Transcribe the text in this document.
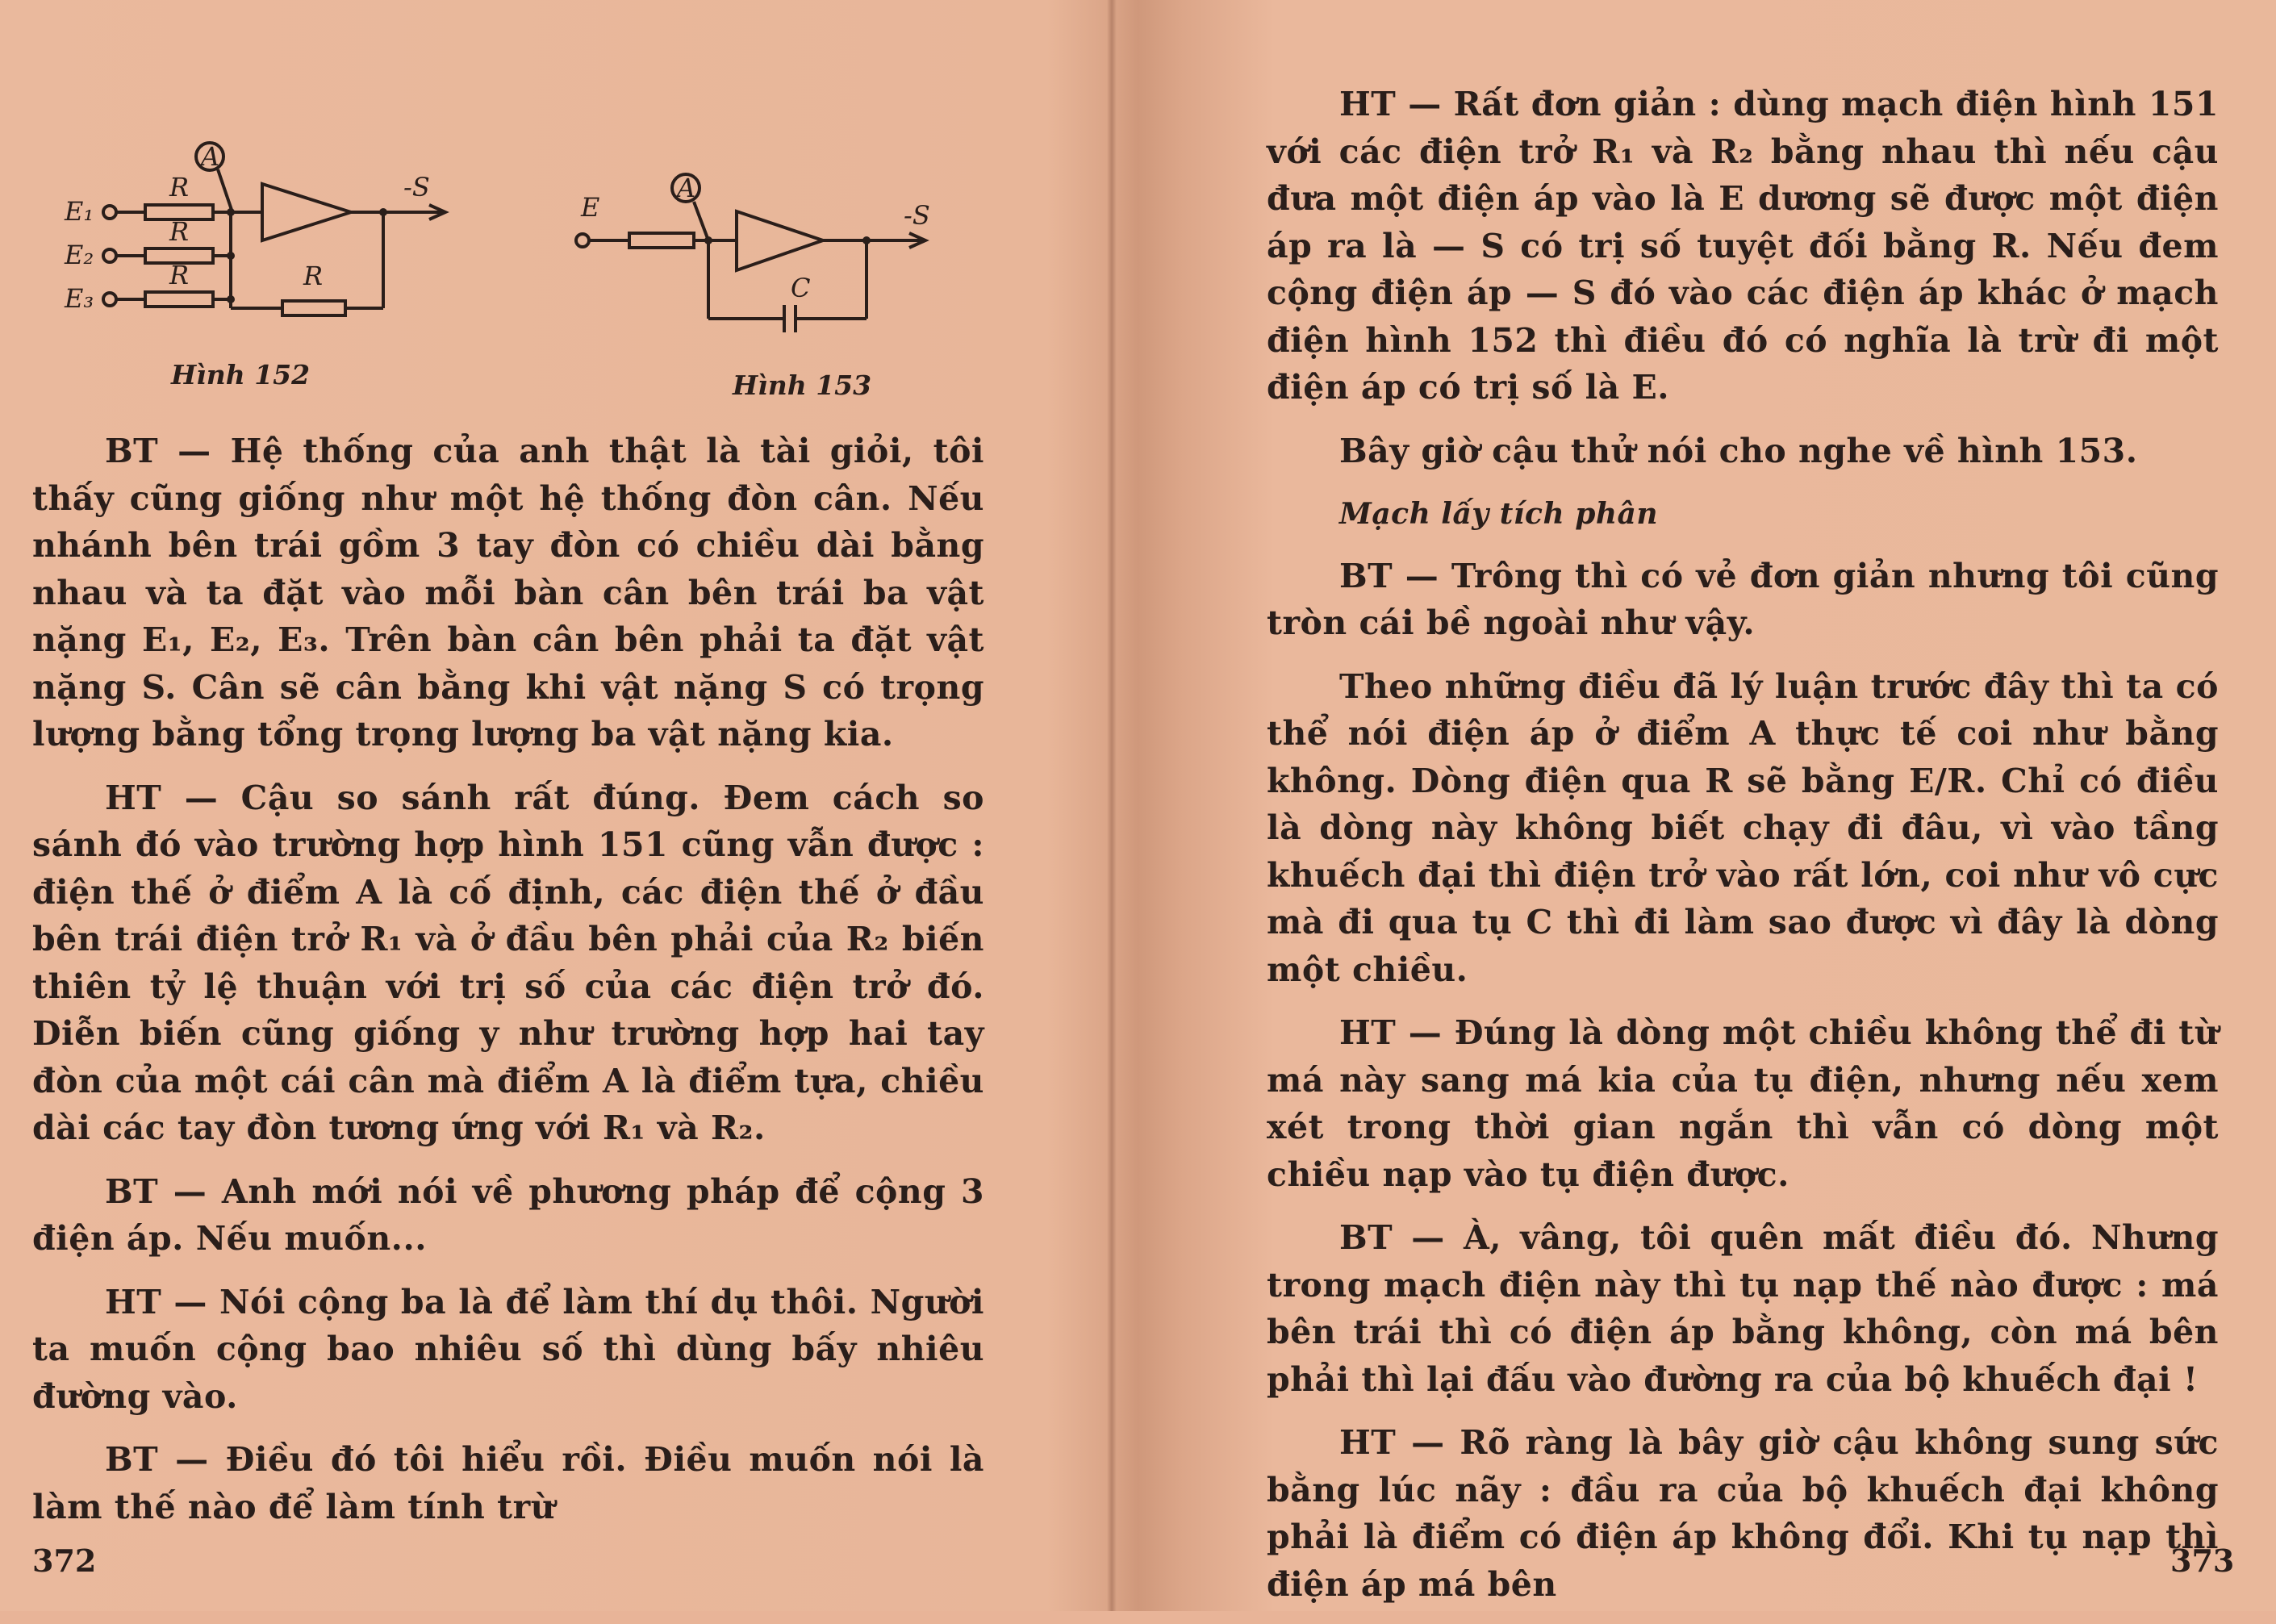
A
E₁
E₂
E₃
R
R
R	R
-S	A
E
C
-S
Hình 152	Hình 153

BT — Hệ thống của anh thật là tài giỏi, tôi thấy cũng giống như một hệ thống đòn cân. Nếu nhánh bên trái gồm 3 tay đòn có chiều dài bằng nhau và ta đặt vào mỗi bàn cân bên trái ba vật nặng E₁, E₂, E₃. Trên bàn cân bên phải ta đặt vật nặng S. Cân sẽ cân bằng khi vật nặng S có trọng lượng bằng tổng trọng lượng ba vật nặng kia.

HT — Cậu so sánh rất đúng. Đem cách so sánh đó vào trường hợp hình 151 cũng vẫn được : điện thế ở điểm A là cố định, các điện thế ở đầu bên trái điện trở R₁ và ở đầu bên phải của R₂ biến thiên tỷ lệ thuận với trị số của các điện trở đó. Diễn biến cũng giống y như trường hợp hai tay đòn của một cái cân mà điểm A là điểm tựa, chiều dài các tay đòn tương ứng với R₁ và R₂.

BT — Anh mới nói về phương pháp để cộng 3 điện áp. Nếu muốn...

HT — Nói cộng ba là để làm thí dụ thôi. Người ta muốn cộng bao nhiêu số thì dùng bấy nhiêu đường vào.

BT — Điều đó tôi hiểu rồi. Điều muốn nói là làm thế nào để làm tính trừ

372

HT — Rất đơn giản : dùng mạch điện hình 151 với các điện trở R₁ và R₂ bằng nhau thì nếu cậu đưa một điện áp vào là E dương sẽ được một điện áp ra là — S có trị số tuyệt đối bằng R. Nếu đem cộng điện áp — S đó vào các điện áp khác ở mạch điện hình 152 thì điều đó có nghĩa là trừ đi một điện áp có trị số là E.

Bây giờ cậu thử nói cho nghe về hình 153.

Mạch lấy tích phân

BT — Trông thì có vẻ đơn giản nhưng tôi cũng tròn cái bề ngoài như vậy.

Theo những điều đã lý luận trước đây thì ta có thể nói điện áp ở điểm A thực tế coi như bằng không. Dòng điện qua R sẽ bằng E/R. Chỉ có điều là dòng này không biết chạy đi đâu, vì vào tầng khuếch đại thì điện trở vào rất lớn, coi như vô cực mà đi qua tụ C thì đi làm sao được vì đây là dòng một chiều.

HT — Đúng là dòng một chiều không thể đi từ má này sang má kia của tụ điện, nhưng nếu xem xét trong thời gian ngắn thì vẫn có dòng một chiều nạp vào tụ điện được.

BT — À, vâng, tôi quên mất điều đó. Nhưng trong mạch điện này thì tụ nạp thế nào được : má bên trái thì có điện áp bằng không, còn má bên phải thì lại đấu vào đường ra của bộ khuếch đại !

HT — Rõ ràng là bây giờ cậu không sung sức bằng lúc nãy : đầu ra của bộ khuếch đại không phải là điểm có điện áp không đổi. Khi tụ nạp thì điện áp má bên

373
